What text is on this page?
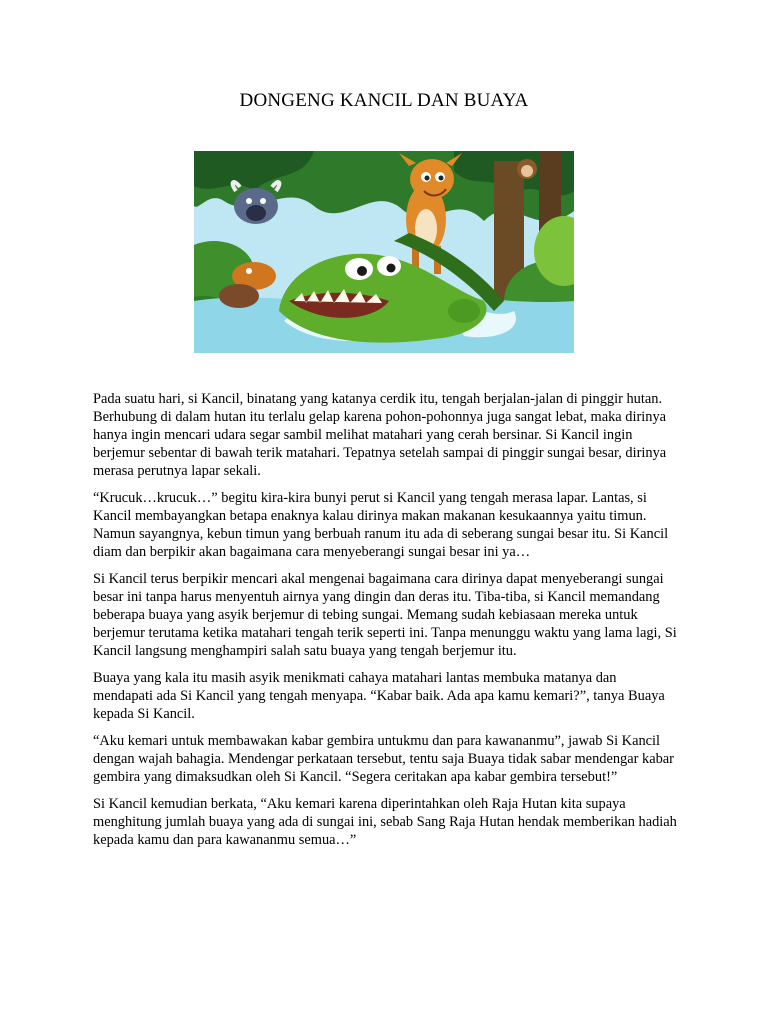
DONGENG KANCIL DAN BUAYA

Pada suatu hari, si Kancil, binatang yang katanya cerdik itu, tengah berjalan-jalan di pinggir hutan. Berhubung di dalam hutan itu terlalu gelap karena pohon-pohonnya juga sangat lebat, maka dirinya hanya ingin mencari udara segar sambil melihat matahari yang cerah bersinar. Si Kancil ingin berjemur sebentar di bawah terik matahari. Tepatnya setelah sampai di pinggir sungai besar, dirinya merasa perutnya lapar sekali.

“Krucuk…krucuk…” begitu kira-kira bunyi perut si Kancil yang tengah merasa lapar. Lantas, si Kancil membayangkan betapa enaknya kalau dirinya makan makanan kesukaannya yaitu timun. Namun sayangnya, kebun timun yang berbuah ranum itu ada di seberang sungai besar itu. Si Kancil diam dan berpikir akan bagaimana cara menyeberangi sungai besar ini ya…

Si Kancil terus berpikir mencari akal mengenai bagaimana cara dirinya dapat menyeberangi sungai besar ini tanpa harus menyentuh airnya yang dingin dan deras itu. Tiba-tiba, si Kancil memandang beberapa buaya yang asyik berjemur di tebing sungai. Memang sudah kebiasaan mereka untuk berjemur terutama ketika matahari tengah terik seperti ini. Tanpa menunggu waktu yang lama lagi, Si Kancil langsung menghampiri salah satu buaya yang tengah berjemur itu.

Buaya yang kala itu masih asyik menikmati cahaya matahari lantas membuka matanya dan mendapati ada Si Kancil yang tengah menyapa. “Kabar baik. Ada apa kamu kemari?”, tanya Buaya kepada Si Kancil.

“Aku kemari untuk membawakan kabar gembira untukmu dan para kawananmu”, jawab Si Kancil dengan wajah bahagia. Mendengar perkataan tersebut, tentu saja Buaya tidak sabar mendengar kabar gembira yang dimaksudkan oleh Si Kancil. “Segera ceritakan apa kabar gembira tersebut!”

Si Kancil kemudian berkata, “Aku kemari karena diperintahkan oleh Raja Hutan kita supaya menghitung jumlah buaya yang ada di sungai ini, sebab Sang Raja Hutan hendak memberikan hadiah kepada kamu dan para kawananmu semua…”
